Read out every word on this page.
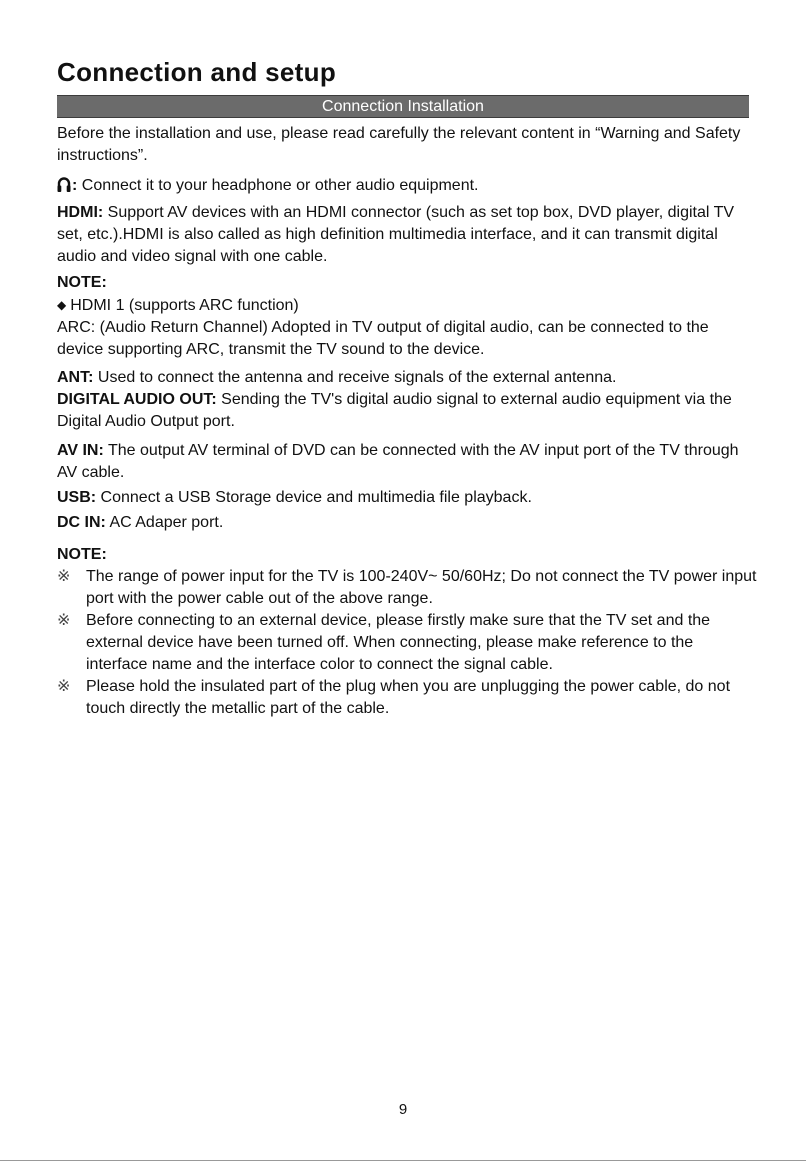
Connection and setup
Connection Installation

Before the installation and use, please read carefully the relevant content in “Warning and Safety instructions”.

: Connect it to your headphone or other audio equipment.

HDMI: Support AV devices with an HDMI connector (such as set top box, DVD player, digital TV set, etc.).HDMI is also called as high definition multimedia interface, and it can transmit digital audio and video signal with one cable.

NOTE:

◆ HDMI 1 (supports ARC function)

ARC: (Audio Return Channel) Adopted in TV output of digital audio, can be connected to the device supporting ARC, transmit the TV sound to the device.

ANT: Used to connect the antenna and receive signals of the external antenna.

DIGITAL AUDIO OUT: Sending the TV's digital audio signal to external audio equipment via the Digital Audio Output port.

AV IN: The output AV terminal of DVD can be connected with the AV input port of the TV through AV cable.

USB: Connect a USB Storage device and multimedia file playback.

DC IN: AC Adaper port.

NOTE:

※ The range of power input for the TV is 100-240V~ 50/60Hz; Do not connect the TV power input port with the power cable out of the above range.
※ Before connecting to an external device, please firstly make sure that the TV set and the external device have been turned off. When connecting, please make reference to the interface name and the interface color to connect the signal cable.
※ Please hold the insulated part of the plug when you are unplugging the power cable, do not touch directly the metallic part of the cable.
9
